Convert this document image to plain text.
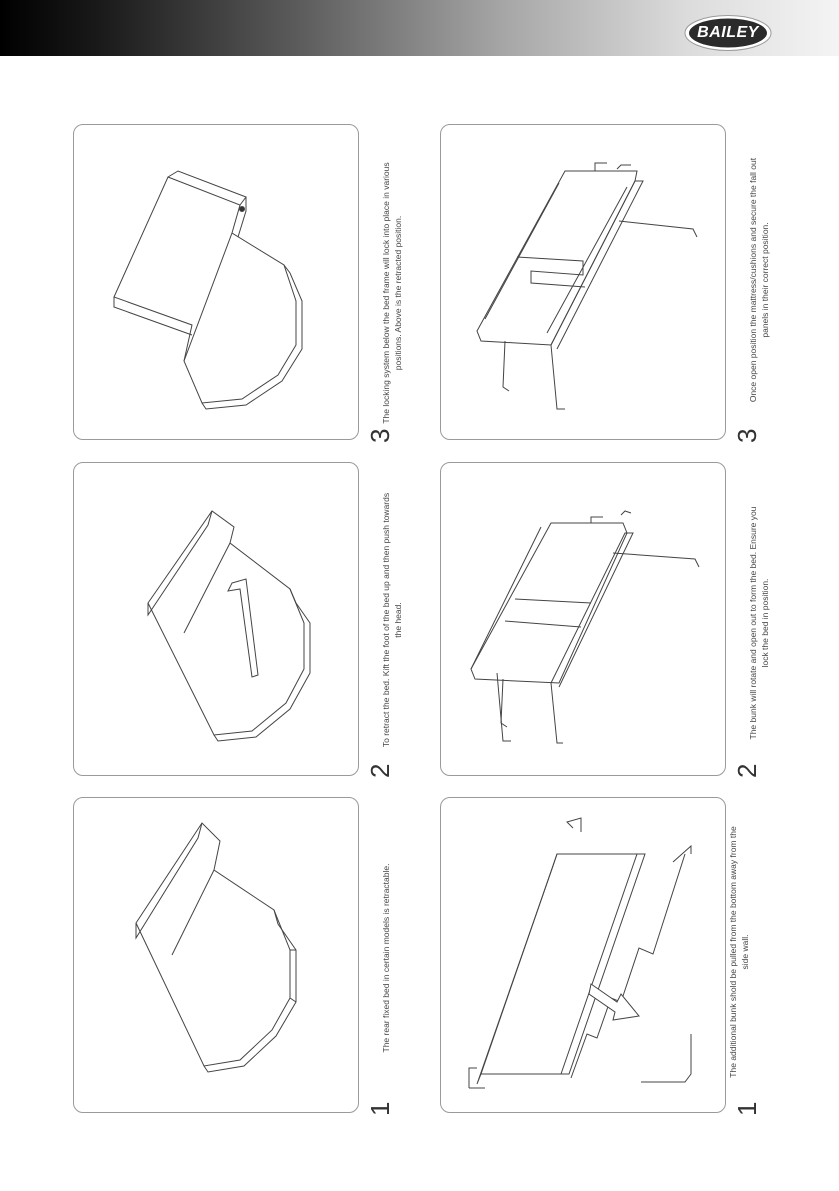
BAILEY
The rear fixed bed in certain models is retractable.
1
To retract the bed. Kift the foot of the bed up and then push towards the head.
2
The locking system below the bed frame will lock into place in various positions. Above is the retracted position.
3
The additional bunk shold be pulled from the bottom away from the side wall.
1
The bunk will rotate and open out to form the bed. Ensure you lock the bed in position.
2
Once open position the mattress/cushions and secure the fall out panels in their correct position.
3
